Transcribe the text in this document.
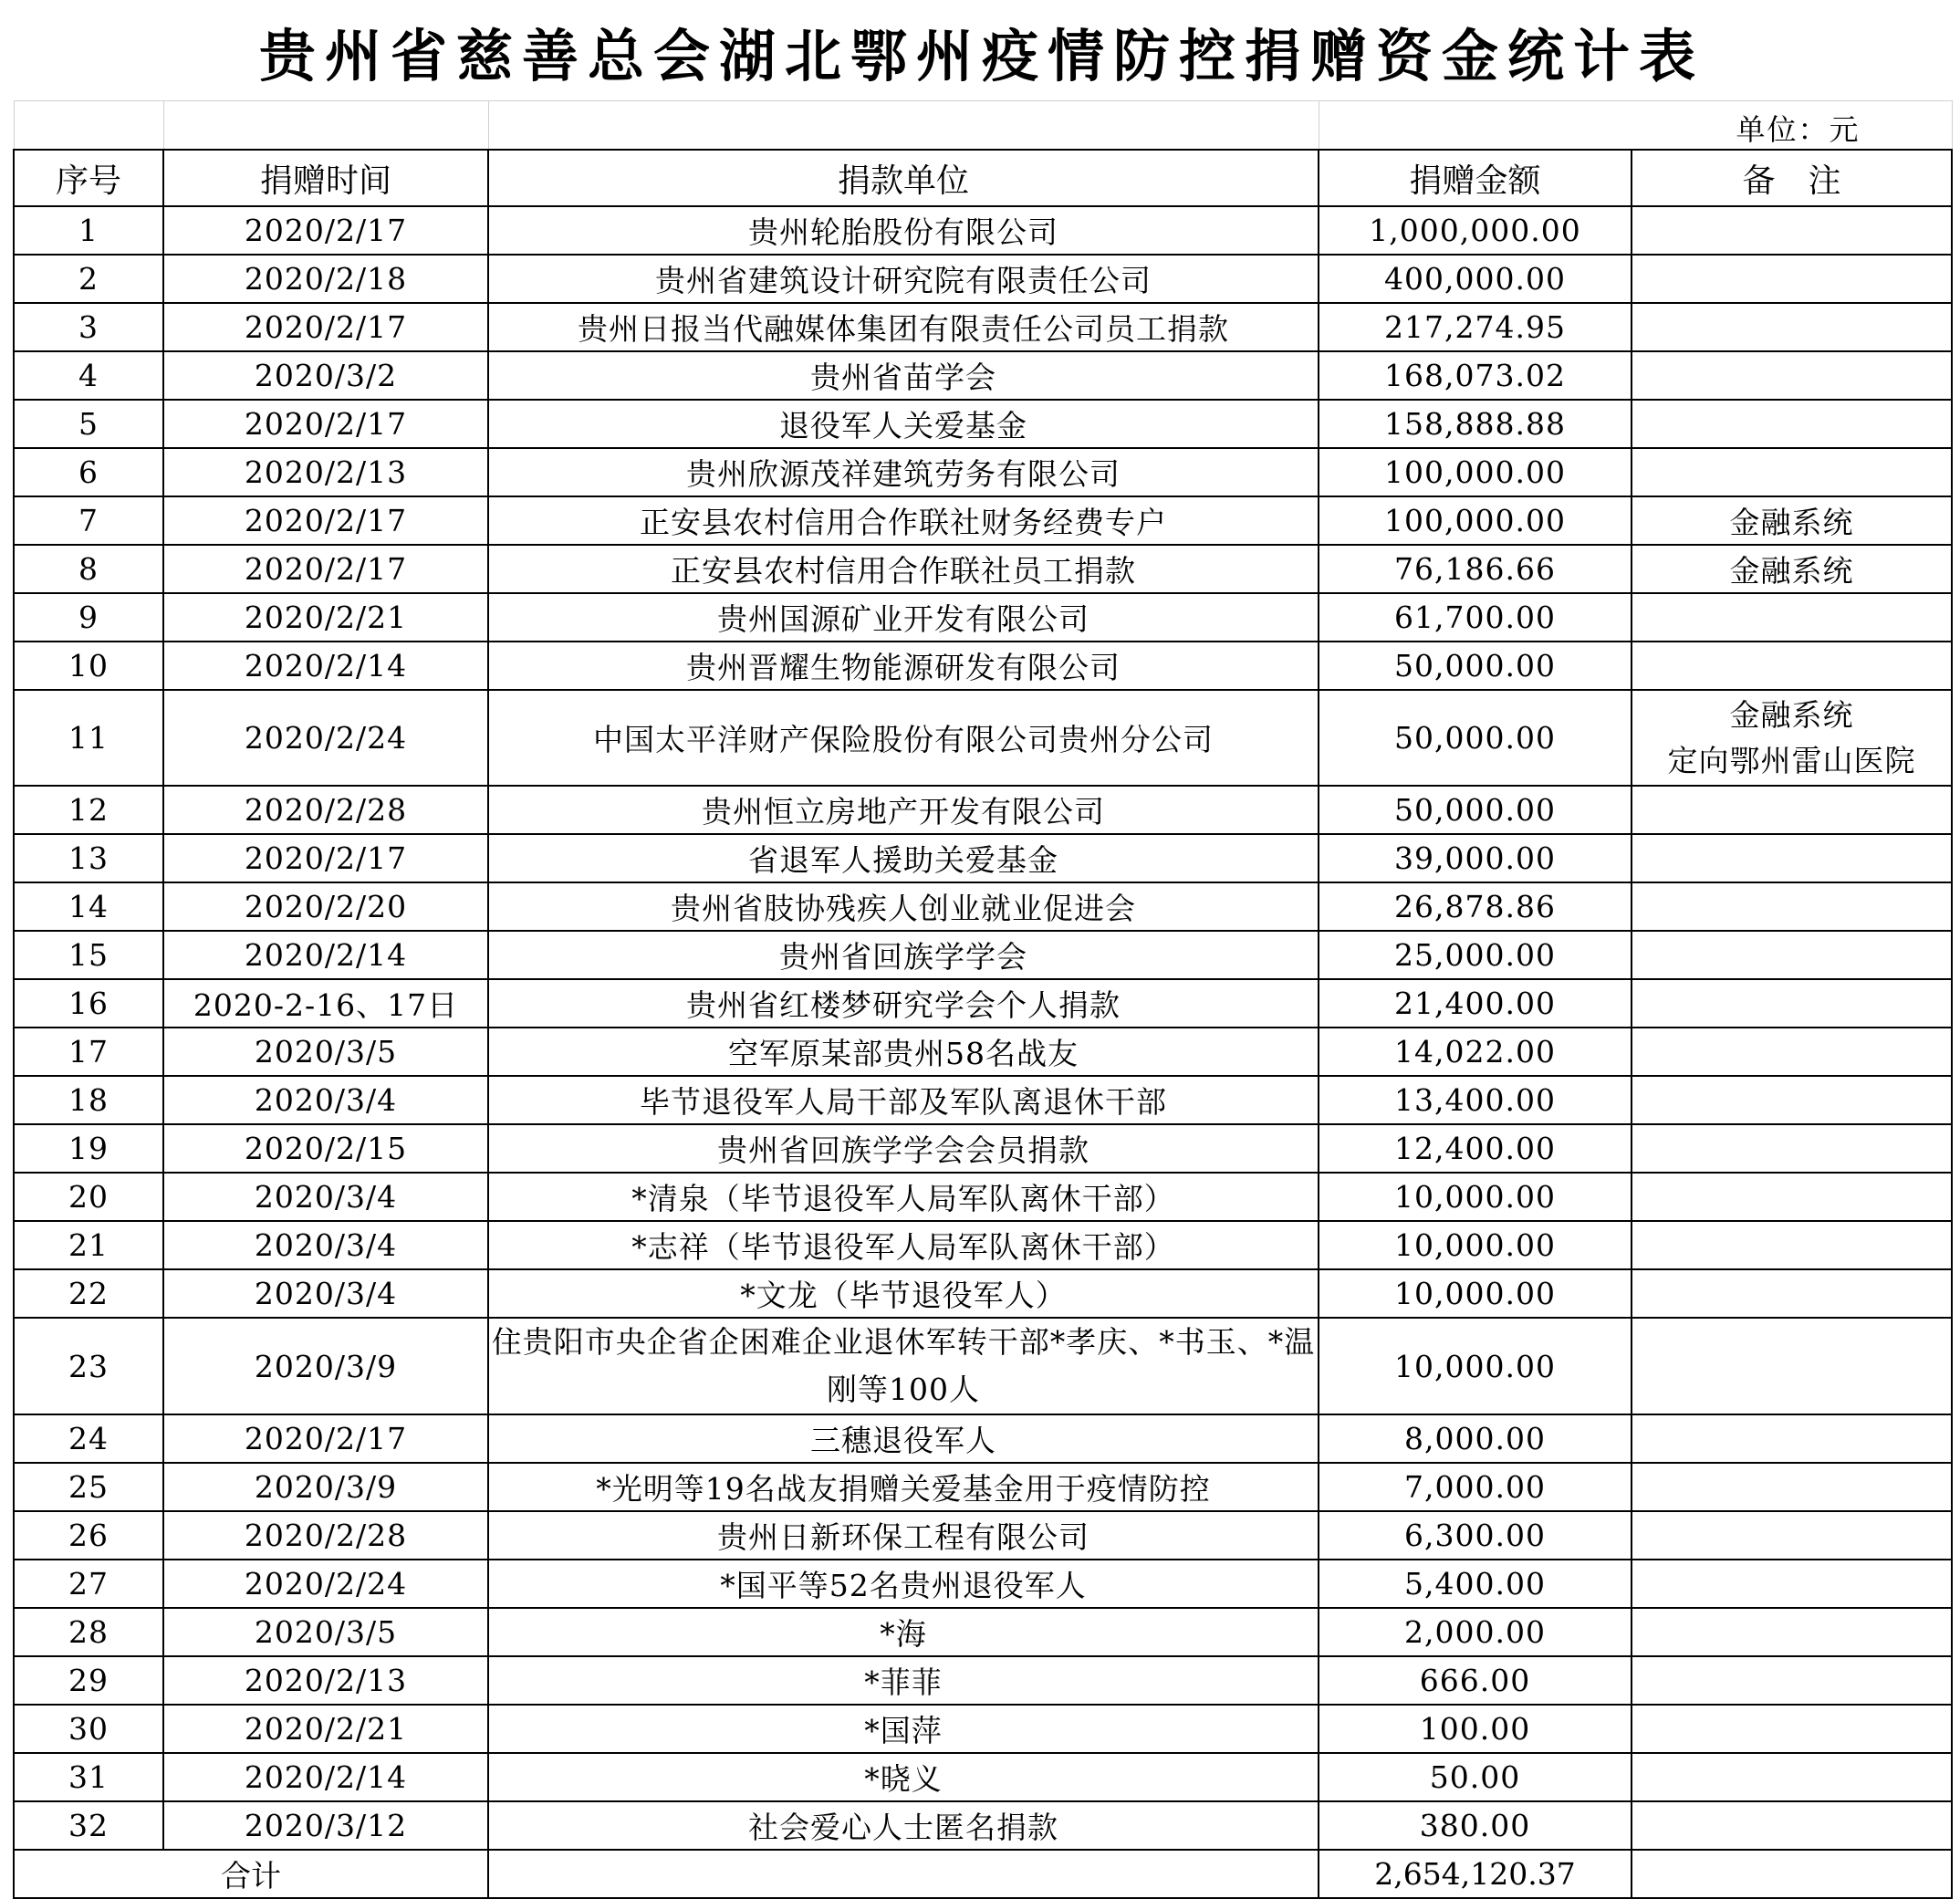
贵州省慈善总会湖北鄂州疫情防控捐赠资金统计表
			单位：元	
序号	捐赠时间	捐款单位	捐赠金额	备　注
1	2020/2/17	贵州轮胎股份有限公司	1,000,000.00	
2	2020/2/18	贵州省建筑设计研究院有限责任公司	400,000.00	
3	2020/2/17	贵州日报当代融媒体集团有限责任公司员工捐款	217,274.95	
4	2020/3/2	贵州省苗学会	168,073.02	
5	2020/2/17	退役军人关爱基金	158,888.88	
6	2020/2/13	贵州欣源茂祥建筑劳务有限公司	100,000.00	
7	2020/2/17	正安县农村信用合作联社财务经费专户	100,000.00	金融系统
8	2020/2/17	正安县农村信用合作联社员工捐款	76,186.66	金融系统
9	2020/2/21	贵州国源矿业开发有限公司	61,700.00	
10	2020/2/14	贵州晋耀生物能源研发有限公司	50,000.00	
11	2020/2/24	中国太平洋财产保险股份有限公司贵州分公司	50,000.00	金融系统
定向鄂州雷山医院

12	2020/2/28	贵州恒立房地产开发有限公司	50,000.00	
13	2020/2/17	省退军人援助关爱基金	39,000.00	
14	2020/2/20	贵州省肢协残疾人创业就业促进会	26,878.86	
15	2020/2/14	贵州省回族学学会	25,000.00	
16	2020-2-16、17日	贵州省红楼梦研究学会个人捐款	21,400.00	
17	2020/3/5	空军原某部贵州58名战友	14,022.00	
18	2020/3/4	毕节退役军人局干部及军队离退休干部	13,400.00	
19	2020/2/15	贵州省回族学学会会员捐款	12,400.00	
20	2020/3/4	*清泉（毕节退役军人局军队离休干部）	10,000.00	
21	2020/3/4	*志祥（毕节退役军人局军队离休干部）	10,000.00	
22	2020/3/4	*文龙（毕节退役军人）	10,000.00	
23	2020/3/9	住贵阳市央企省企困难企业退休军转干部*孝庆、*书玉、*温刚等100人	10,000.00	
24	2020/2/17	三穗退役军人	8,000.00	
25	2020/3/9	*光明等19名战友捐赠关爱基金用于疫情防控	7,000.00	
26	2020/2/28	贵州日新环保工程有限公司	6,300.00	
27	2020/2/24	*国平等52名贵州退役军人	5,400.00	
28	2020/3/5	*海	2,000.00	
29	2020/2/13	*菲菲	666.00	
30	2020/2/21	*国萍	100.00	
31	2020/2/14	*晓义	50.00	
32	2020/3/12	社会爱心人士匿名捐款	380.00	
合计			2,654,120.37	
